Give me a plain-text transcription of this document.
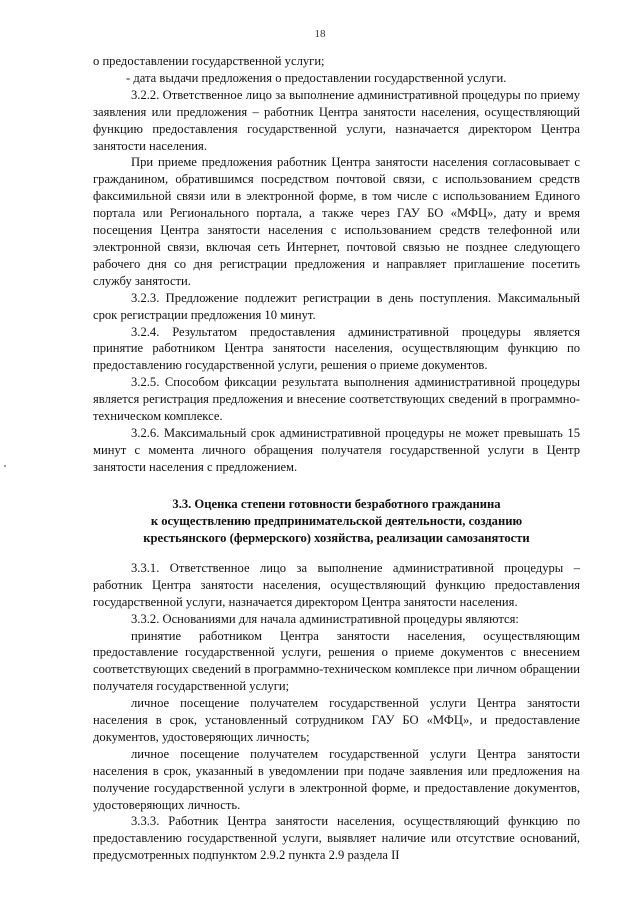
18

о предоставлении государственной услуги;

- дата выдачи предложения о предоставлении государственной услуги.

3.2.2. Ответственное лицо за выполнение административной процедуры по приему заявления или предложения – работник Центра занятости населения, осуществляющий функцию предоставления государственной услуги, назначается директором Центра занятости населения.

При приеме предложения работник Центра занятости населения согласовывает с гражданином, обратившимся посредством почтовой связи, с использованием средств факсимильной связи или в электронной форме, в том числе с использованием Единого портала или Регионального портала, а также через ГАУ БО «МФЦ», дату и время посещения Центра занятости населения с использованием средств телефонной или электронной связи, включая сеть Интернет, почтовой связью не позднее следующего рабочего дня со дня регистрации предложения и направляет приглашение посетить службу занятости.

3.2.3. Предложение подлежит регистрации в день поступления. Максимальный срок регистрации предложения 10 минут.

3.2.4. Результатом предоставления административной процедуры является принятие работником Центра занятости населения, осуществляющим функцию по предоставлению государственной услуги, решения о приеме документов.

3.2.5. Способом фиксации результата выполнения административной процедуры является регистрация предложения и внесение соответствующих сведений в программно-техническом комплексе.

3.2.6. Максимальный срок административной процедуры не может превышать 15 минут с момента личного обращения получателя государственной услуги в Центр занятости населения с предложением.

3.3. Оценка степени готовности безработного гражданина
к осуществлению предпринимательской деятельности, созданию
крестьянского (фермерского) хозяйства, реализации самозанятости

3.3.1. Ответственное лицо за выполнение административной процедуры – работник Центра занятости населения, осуществляющий функцию предоставления государственной услуги, назначается директором Центра занятости населения.

3.3.2. Основаниями для начала административной процедуры являются:

принятие работником Центра занятости населения, осуществляющим предоставление государственной услуги, решения о приеме документов с внесением соответствующих сведений в программно-техническом комплексе при личном обращении получателя государственной услуги;

личное посещение получателем государственной услуги Центра занятости населения в срок, установленный сотрудником ГАУ БО «МФЦ», и предоставление документов, удостоверяющих личность;

личное посещение получателем государственной услуги Центра занятости населения в срок, указанный в уведомлении при подаче заявления или предложения на получение государственной услуги в электронной форме, и предоставление документов, удостоверяющих личность.

3.3.3. Работник Центра занятости населения, осуществляющий функцию по предоставлению государственной услуги, выявляет наличие или отсутствие оснований, предусмотренных подпунктом 2.9.2 пункта 2.9 раздела II
